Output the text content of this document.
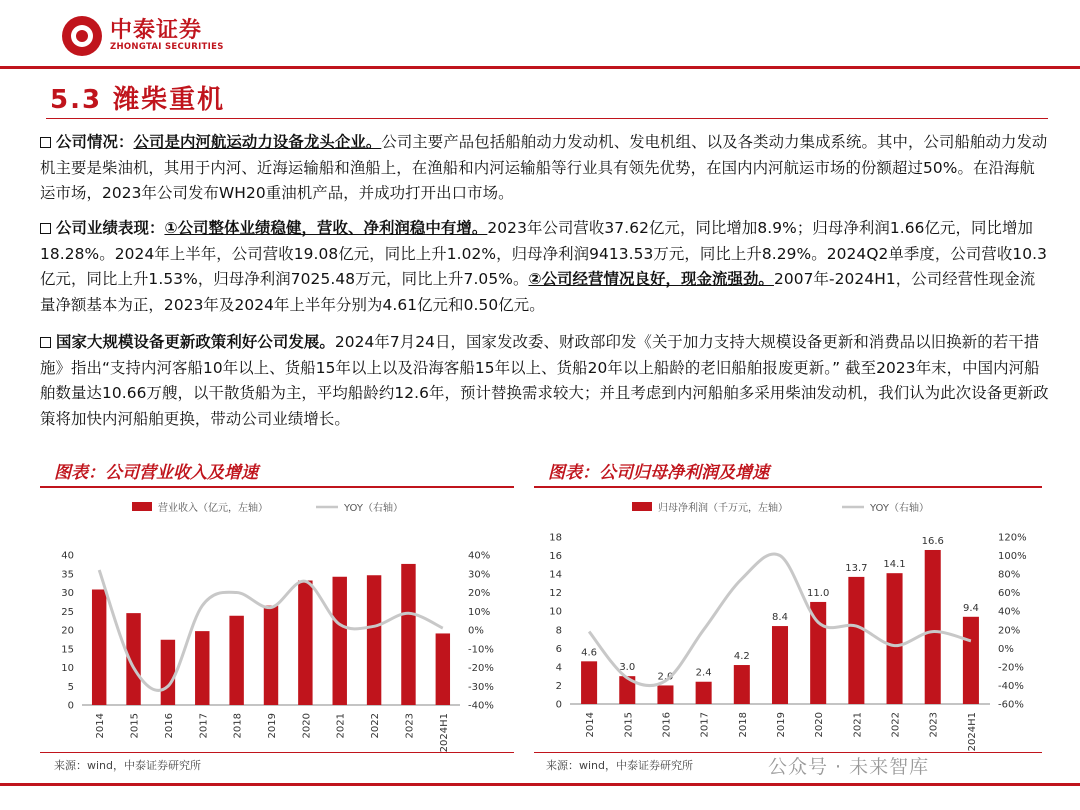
中泰证券
ZHONGTAI SECURITIES
5.3 潍柴重机
公司情况：公司是内河航运动力设备龙头企业。公司主要产品包括船舶动力发动机、发电机组、以及各类动力集成系统。其中，公司船舶动力发动机主要是柴油机，其用于内河、近海运输船和渔船上，在渔船和内河运输船等行业具有领先优势，在国内内河航运市场的份额超过50%。在沿海航运市场，2023年公司发布WH20重油机产品，并成功打开出口市场。
公司业绩表现：①公司整体业绩稳健，营收、净利润稳中有增。2023年公司营收37.62亿元，同比增加8.9%；归母净利润1.66亿元，同比增加18.28%。2024年上半年，公司营收19.08亿元，同比上升1.02%，归母净利润9413.53万元，同比上升8.29%。2024Q2单季度，公司营收10.3亿元，同比上升1.53%，归母净利润7025.48万元，同比上升7.05%。②公司经营情况良好，现金流强劲。2007年-2024H1，公司经营性现金流量净额基本为正，2023年及2024年上半年分别为4.61亿元和0.50亿元。
国家大规模设备更新政策利好公司发展。2024年7月24日，国家发改委、财政部印发《关于加力支持大规模设备更新和消费品以旧换新的若干措施》指出“支持内河客船10年以上、货船15年以上以及沿海客船15年以上、货船20年以上船龄的老旧船舶报废更新。” 截至2023年末，中国内河船舶数量达10.66万艘，以干散货船为主，平均船龄约12.6年，预计替换需求较大；并且考虑到内河船舶多采用柴油发动机，我们认为此次设备更新政策将加快内河船舶更换，带动公司业绩增长。
图表：公司营业收入及增速
营业收入（亿元，左轴）	YOY（右轴）
0
5
10
15
20
25
30
35
40
-40%
-30%
-20%
-10%
0%
10%
20%
30%
40%
2014 2015 2016 2017 2018 2019 2020 2021 2022 2023 2024H1
来源：wind，中泰证券研究所
图表：公司归母净利润及增速
归母净利润（千万元，左轴）	YOY（右轴）
0
2
4
6
8
10
12
14
16
18
-60%
-40%
-20%
0%
20%
40%
60%
80%
100%
120%
4.6
3.0
2.0 2.4
4.2
8.4
11.0
13.7 14.1
16.6
9.4
2014	2015	2016	2017	2018	2019	2020	2021	2022	2023	2024H1
来源：wind，中泰证券研究所	公众号 · 未来智库
